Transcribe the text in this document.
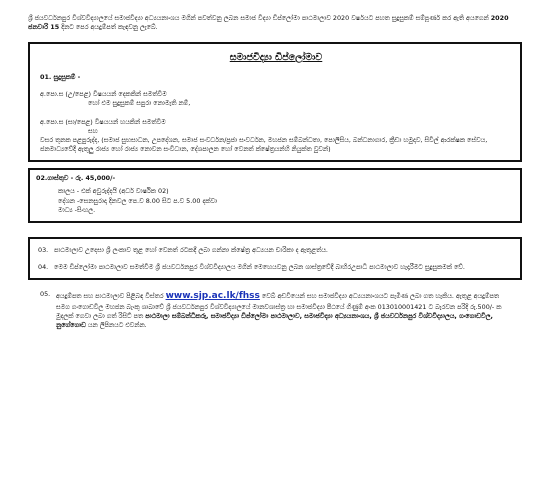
ශ්‍රී ජයවර්ධනපුර විශ්වවිද්‍යාලයේ සමාජවිද්‍යා අධ්‍යයනාංශය මගින් පවත්වනු ලබන සමාජ විද්‍යා ඩිප්ලෝමා පාඨමාලාව 2020 වර්ෂයට පහත සුදුසුකම් සම්පූර්ණ කර ඇති අයගෙන් 2020 ජනවාරි 15 දිනට පෙර අයදුම්පත් කැඳවනු ලැබේ.

සමාජවිද්‍යා ඩිප්ලෝමාව

01. සුදුසුකම් -

අ.පො.ස (උ/පෙළ) විෂයයන් දෙකකින් සමත්වීම

හෝ එම සුදුසුකම් සපුරා නොමැති නම්,

අ.පො.ස (සා/පෙළ) විෂයයන් හයකින් සමත්වීම

සහ

වසර තුනක පළපුරුද්ද, (සමාජ සුභසාධන, උපදේශන, සමාජ සංවර්ධන/ප්‍රජා සංවර්ධන, මහජන සම්බන්ධතා, පොලිසිය, බන්ධනාගාර, ක්‍රීඩා හමුදාව, සිවිල් ආරක්ෂක සේවය, ජනමාධ්‍යවේදී ඇතුලු රාජ්‍ය හෝ රාජ්‍ය නොවන සංවිධාන, දේශපාලන හෝ වෙනත් ක්ෂේත්‍රයන්හි නියුක්ත වුවන්)

02.ගාස්තුව - රු. 45,000/-

කාලය - එක් අවුරුද්දයි (අර්ධ වාර්ෂික 02)

දේශන -සෙනසුරාදා දිනවල පෙ.ව 8.00 සිට ප.ව 5.00 දක්වා

මාධ්‍ය -සිංහල.

03. පාඨමාලාව උදෙසා ශ්‍රී ලංකාව තුළ හෝ වෙනත් රටකදී ලබා ගන්නා ක්ෂේත්‍ර අධ්‍යයන චාරිකා ද ඇතුළත්ය.
04. මෙම ඩිප්ලෝමා පාඨමාලාව සමත්වීම ශ්‍රී ජයවර්ධනපුර විශ්වවිද්‍යාලය මගින් මෙහෙයවනු ලබන ශාස්ත්‍රවේදී බාහිරඋපාධි පාඨමාලාව හැදෑරීමට සුදුසුකමක් වේ.
05. අයදුම්පත සහ පාඨමාලාව පිළිබඳ විස්තර www.sjp.ac.lk/fhss වෙබ් අඩවියෙන් සහ සමාජවිද්‍යා අධ්‍යයනාංශයට පැමිණ ලබා ගත හැකිය. ඇතුළ අයදුම්පත සමග ගංගොඩවිල මහජන බැංකු ශාඛාවේ ශ්‍රී ජයවර්ධනපුර විශ්වවිද්‍යාලයේ මානවශාස්ත්‍ර හා සමාජවිද්‍යා පීඨයේ ගිණුම් අංක 013010001421 ට බැරවන පරිදි රු.500/- ක මුදලක් ගෙවා ලබා ගත් රිසිට් පත පාඨමාලා සම්බන්ධීකරු, සමාජවිද්‍යා ඩිප්ලෝමා පාඨමාලාව, සමාජවිද්‍යා අධ්‍යයනාංශය, ශ්‍රී ජයවර්ධනපුර විශ්වවිද්‍යාලය, ගංගොඩවිල, නුගේගොඩ යන ලිපිනයට එවන්න.
